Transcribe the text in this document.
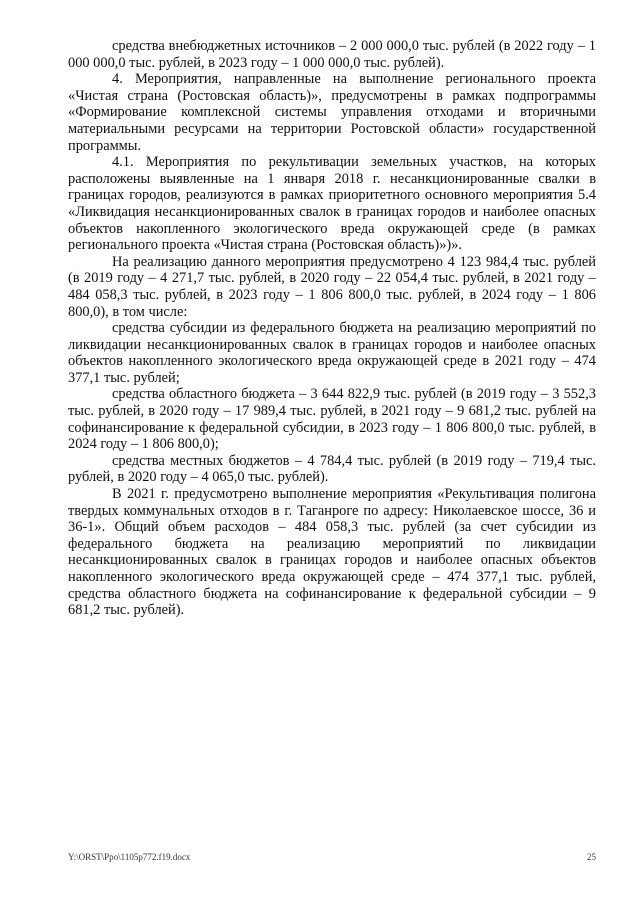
средства внебюджетных источников – 2 000 000,0 тыс. рублей (в 2022 году – 1 000 000,0 тыс. рублей, в 2023 году – 1 000 000,0 тыс. рублей).

4. Мероприятия, направленные на выполнение регионального проекта «Чистая страна (Ростовская область)», предусмотрены в рамках подпрограммы «Формирование комплексной системы управления отходами и вторичными материальными ресурсами на территории Ростовской области» государственной программы.

4.1. Мероприятия по рекультивации земельных участков, на которых расположены выявленные на 1 января 2018 г. несанкционированные свалки в границах городов, реализуются в рамках приоритетного основного мероприятия 5.4 «Ликвидация несанкционированных свалок в границах городов и наиболее опасных объектов накопленного экологического вреда окружающей среде (в рамках регионального проекта «Чистая страна (Ростовская область)»)».

На реализацию данного мероприятия предусмотрено 4 123 984,4 тыс. рублей (в 2019 году – 4 271,7 тыс. рублей, в 2020 году – 22 054,4 тыс. рублей, в 2021 году – 484 058,3 тыс. рублей, в 2023 году – 1 806 800,0 тыс. рублей, в 2024 году – 1 806 800,0), в том числе:

средства субсидии из федерального бюджета на реализацию мероприятий по ликвидации несанкционированных свалок в границах городов и наиболее опасных объектов накопленного экологического вреда окружающей среде в 2021 году – 474 377,1 тыс. рублей;

средства областного бюджета – 3 644 822,9 тыс. рублей (в 2019 году – 3 552,3 тыс. рублей, в 2020 году – 17 989,4 тыс. рублей, в 2021 году – 9 681,2 тыс. рублей на софинансирование к федеральной субсидии, в 2023 году – 1 806 800,0 тыс. рублей, в 2024 году – 1 806 800,0);

средства местных бюджетов – 4 784,4 тыс. рублей (в 2019 году – 719,4 тыс. рублей, в 2020 году – 4 065,0 тыс. рублей).

В 2021 г. предусмотрено выполнение мероприятия «Рекультивация полигона твердых коммунальных отходов в г. Таганроге по адресу: Николаевское шоссе, 36 и 36-1». Общий объем расходов – 484 058,3 тыс. рублей (за счет субсидии из федерального бюджета на реализацию мероприятий по ликвидации несанкционированных свалок в границах городов и наиболее опасных объектов накопленного экологического вреда окружающей среде – 474 377,1 тыс. рублей, средства областного бюджета на софинансирование к федеральной субсидии – 9 681,2 тыс. рублей).

Y:\ORST\Ppo\1105p772.f19.docx	25
